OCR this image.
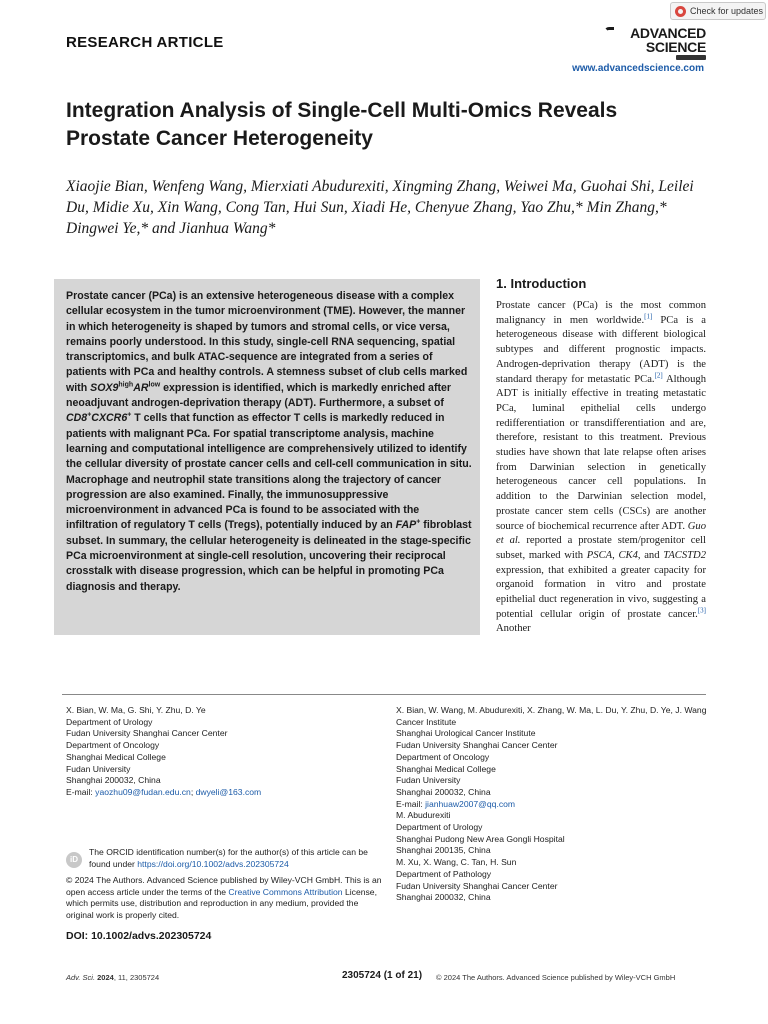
Check for updates
RESEARCH ARTICLE
ADVANCED
SCIENCE
www.advancedscience.com
Integration Analysis of Single-Cell Multi-Omics Reveals Prostate Cancer Heterogeneity
Xiaojie Bian, Wenfeng Wang, Mierxiati Abudurexiti, Xingming Zhang, Weiwei Ma, Guohai Shi, Leilei Du, Midie Xu, Xin Wang, Cong Tan, Hui Sun, Xiadi He, Chenyue Zhang, Yao Zhu,* Min Zhang,* Dingwei Ye,* and Jianhua Wang*
Prostate cancer (PCa) is an extensive heterogeneous disease with a complex cellular ecosystem in the tumor microenvironment (TME). However, the manner in which heterogeneity is shaped by tumors and stromal cells, or vice versa, remains poorly understood. In this study, single-cell RNA sequencing, spatial transcriptomics, and bulk ATAC-sequence are integrated from a series of patients with PCa and healthy controls. A stemness subset of club cells marked with $SOX9^{high}AR^{low}$ expression is identified, which is markedly enriched after neoadjuvant androgen-deprivation therapy (ADT). Furthermore, a subset of CD8+CXCR6+ T cells that function as effector T cells is markedly reduced in patients with malignant PCa. For spatial transcriptome analysis, machine learning and computational intelligence are comprehensively utilized to identify the cellular diversity of prostate cancer cells and cell-cell communication in situ. Macrophage and neutrophil state transitions along the trajectory of cancer progression are also examined. Finally, the immunosuppressive microenvironment in advanced PCa is found to be associated with the infiltration of regulatory T cells (Tregs), potentially induced by an FAP+ fibroblast subset. In summary, the cellular heterogeneity is delineated in the stage-specific PCa microenvironment at single-cell resolution, uncovering their reciprocal crosstalk with disease progression, which can be helpful in promoting PCa diagnosis and therapy.
1. Introduction
Prostate cancer (PCa) is the most common malignancy in men worldwide.[1] PCa is a heterogeneous disease with different biological subtypes and different prognostic impacts. Androgen-deprivation therapy (ADT) is the standard therapy for metastatic PCa.[2] Although ADT is initially effective in treating metastatic PCa, luminal epithelial cells undergo redifferentiation or transdifferentiation and are, therefore, resistant to this treatment. Previous studies have shown that late relapse often arises from Darwinian selection in genetically heterogeneous cancer cell populations. In addition to the Darwinian selection model, prostate cancer stem cells (CSCs) are another source of biochemical recurrence after ADT. Guo et al. reported a prostate stem/progenitor cell subset, marked with PSCA, CK4, and TACSTD2 expression, that exhibited a greater capacity for organoid formation in vitro and prostate epithelial duct regeneration in vivo, suggesting a potential cellular origin of prostate cancer.[3] Another
X. Bian, W. Ma, G. Shi, Y. Zhu, D. Ye
Department of Urology
Fudan University Shanghai Cancer Center
Department of Oncology
Shanghai Medical College
Fudan University
Shanghai 200032, China
E-mail: yaozhu09@fudan.edu.cn; dwyeli@163.com
iD
The ORCID identification number(s) for the author(s) of this article can be found under https://doi.org/10.1002/advs.202305724
© 2024 The Authors. Advanced Science published by Wiley-VCH GmbH. This is an open access article under the terms of the Creative Commons Attribution License, which permits use, distribution and reproduction in any medium, provided the original work is properly cited.
DOI: 10.1002/advs.202305724
X. Bian, W. Wang, M. Abudurexiti, X. Zhang, W. Ma, L. Du, Y. Zhu, D. Ye, J. Wang
Cancer Institute
Shanghai Urological Cancer Institute
Fudan University Shanghai Cancer Center
Department of Oncology
Shanghai Medical College
Fudan University
Shanghai 200032, China
E-mail: jianhuaw2007@qq.com
M. Abudurexiti
Department of Urology
Shanghai Pudong New Area Gongli Hospital
Shanghai 200135, China
M. Xu, X. Wang, C. Tan, H. Sun
Department of Pathology
Fudan University Shanghai Cancer Center
Shanghai 200032, China
Adv. Sci. 2024, 11, 2305724	2305724 (1 of 21) © 2024 The Authors. Advanced Science published by Wiley-VCH GmbH
